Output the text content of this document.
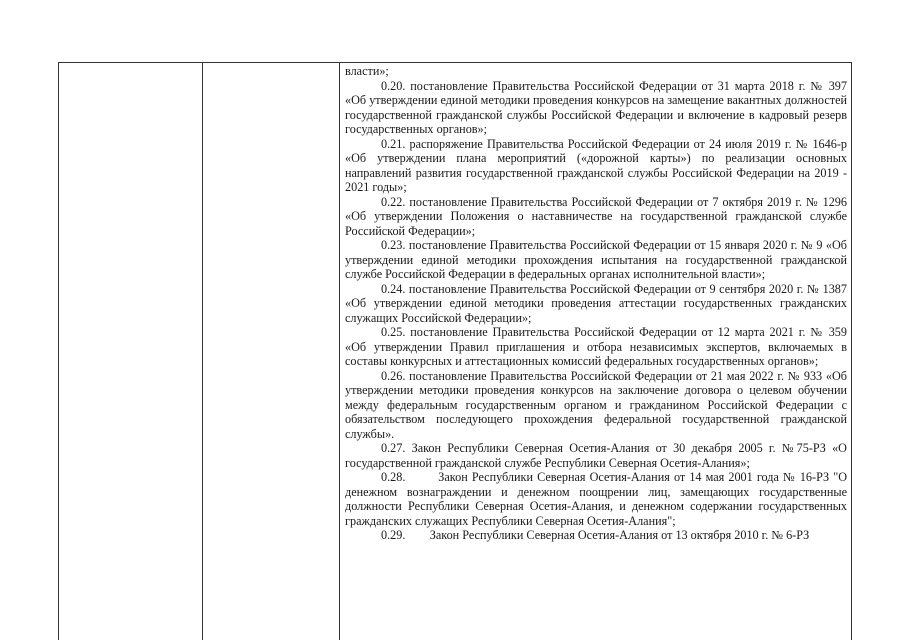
власти»;

0.20. постановление Правительства Российской Федерации от 31 марта 2018 г. № 397 «Об утверждении единой методики проведения конкурсов на замещение вакантных должностей государственной гражданской службы Российской Федерации и включение в кадровый резерв государственных органов»;

0.21. распоряжение Правительства Российской Федерации от 24 июля 2019 г. № 1646-р «Об утверждении плана мероприятий («дорожной карты») по реализации основных направлений развития государственной гражданской службы Российской Федерации на 2019 - 2021 годы»;

0.22. постановление Правительства Российской Федерации от 7 октября 2019 г. № 1296 «Об утверждении Положения о наставничестве на государственной гражданской службе Российской Федерации»;

0.23. постановление Правительства Российской Федерации от 15 января 2020 г. № 9 «Об утверждении единой методики прохождения испытания на государственной гражданской службе Российской Федерации в федеральных органах исполнительной власти»;

0.24. постановление Правительства Российской Федерации от 9 сентября 2020 г. № 1387 «Об утверждении единой методики проведения аттестации государственных гражданских служащих Российской Федерации»;

0.25. постановление Правительства Российской Федерации от 12 марта 2021 г. № 359 «Об утверждении Правил приглашения и отбора независимых экспертов, включаемых в составы конкурсных и аттестационных комиссий федеральных государственных органов»;

0.26. постановление Правительства Российской Федерации от 21 мая 2022 г. № 933 «Об утверждении методики проведения конкурсов на заключение договора о целевом обучении между федеральным государственным органом и гражданином Российской Федерации с обязательством последующего прохождения федеральной государственной гражданской службы».

0.27. Закон Республики Северная Осетия-Алания от 30 декабря 2005 г. №75-РЗ «О государственной гражданской службе Республики Северная Осетия-Алания»;

0.28.        Закон Республики Северная Осетия-Алания от 14 мая 2001 года № 16-РЗ "О денежном вознаграждении и денежном поощрении лиц, замещающих государственные должности Республики Северная Осетия-Алания, и денежном содержании государственных гражданских служащих Республики Северная Осетия-Алания";

0.29.        Закон Республики Северная Осетия-Алания от 13 октября 2010 г. № 6-РЗ
